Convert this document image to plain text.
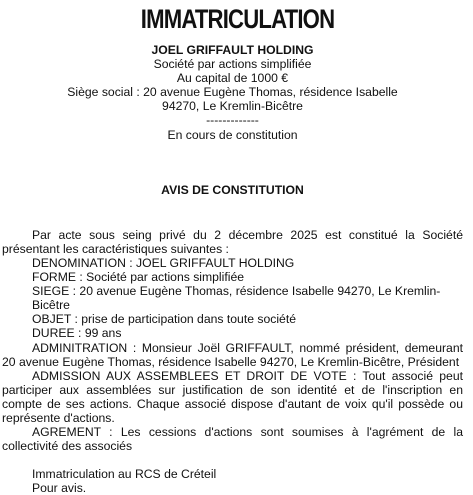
IMMATRICULATION
JOEL GRIFFAULT HOLDING
Société par actions simplifiée
Au capital de 1000 €
Siège social : 20 avenue Eugène Thomas, résidence Isabelle
94270, Le Kremlin-Bicêtre
-------------
En cours de constitution
AVIS DE CONSTITUTION

Par acte sous seing privé du 2 décembre 2025 est constitué la Société présentant les caractéristiques suivantes :

DENOMINATION : JOEL GRIFFAULT HOLDING

FORME : Société par actions simplifiée

SIEGE : 20 avenue Eugène Thomas, résidence Isabelle 94270, Le Kremlin-Bicêtre

OBJET : prise de participation dans toute société

DUREE : 99 ans

ADMINITRATION : Monsieur Joël GRIFFAULT, nommé président, demeurant 20 avenue Eugène Thomas, résidence Isabelle 94270, Le Kremlin-Bicêtre, Président

ADMISSION AUX ASSEMBLEES ET DROIT DE VOTE : Tout associé peut participer aux assemblées sur justification de son identité et de l'inscription en compte de ses actions. Chaque associé dispose d'autant de voix qu'il possède ou représente d'actions.

AGREMENT : Les cessions d'actions sont soumises à l'agrément de la collectivité des associés

Immatriculation au RCS de Créteil

Pour avis.
